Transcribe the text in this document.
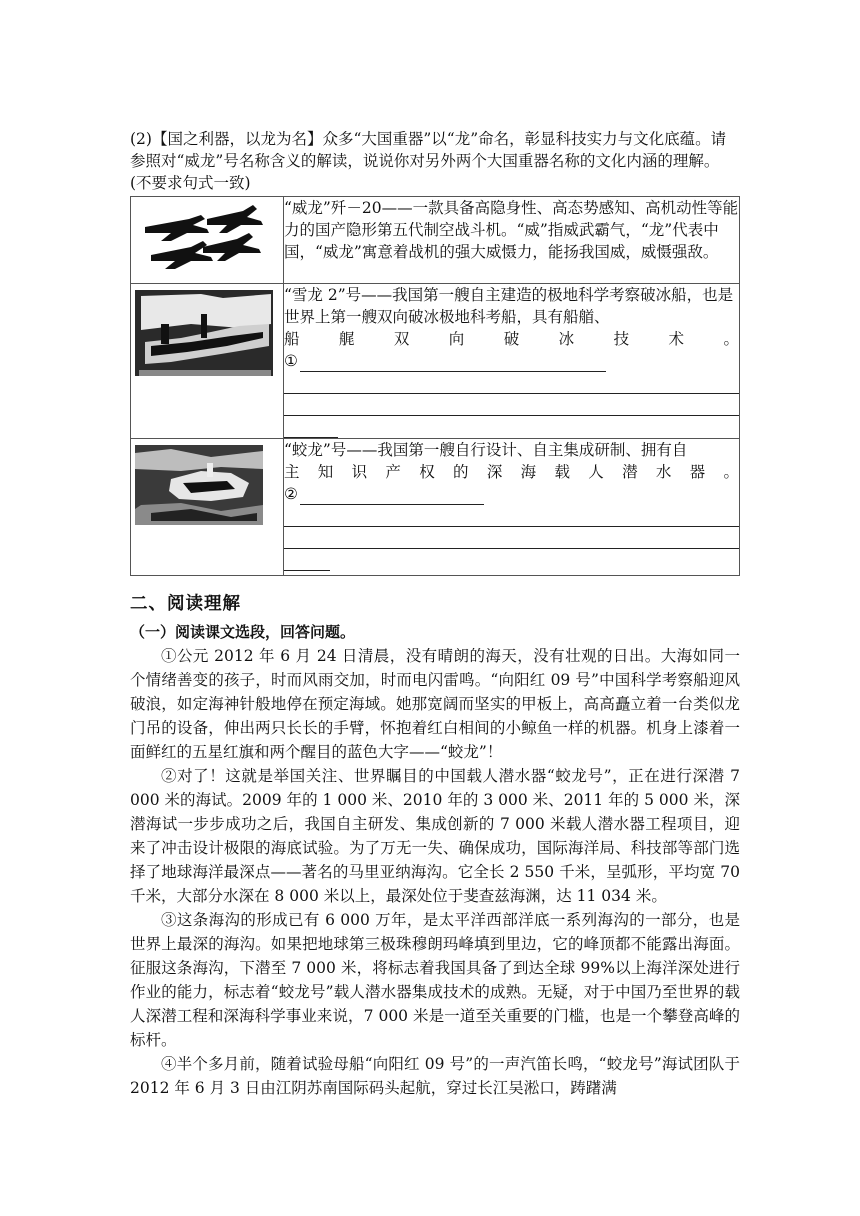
(2)【国之利器，以龙为名】众多“大国重器”以“龙”命名，彰显科技实力与文化底蕴。请参照对“威龙”号名称含义的解读，说说你对另外两个大国重器名称的文化内涵的理解。(不要求句式一致)

“威龙”歼－20——一款具备高隐身性、高态势感知、高机动性等能力的国产隐形第五代制空战斗机。“威”指威武霸气，“龙”代表中国，“威龙”寓意着战机的强大威慑力，能扬我国威，威慑强敌。

“雪龙 2”号——我国第一艘自主建造的极地科学考察破冰船，也是世界上第一艘双向破冰极地科考船，具有船艏、
船艉双向破冰技术。
①

“蛟龙”号——我国第一艘自行设计、自主集成研制、拥有自
主知识产权的深海载人潜水器。
②
二、阅读理解
（一）阅读课文选段，回答问题。

①公元 2012 年 6 月 24 日清晨，没有晴朗的海天，没有壮观的日出。大海如同一个情绪善变的孩子，时而风雨交加，时而电闪雷鸣。“向阳红 09 号”中国科学考察船迎风破浪，如定海神针般地停在预定海域。她那宽阔而坚实的甲板上，高高矗立着一台类似龙门吊的设备，伸出两只长长的手臂，怀抱着红白相间的小鲸鱼一样的机器。机身上漆着一面鲜红的五星红旗和两个醒目的蓝色大字——“蛟龙”！

②对了！这就是举国关注、世界瞩目的中国载人潜水器“蛟龙号”，正在进行深潜 7 000 米的海试。2009 年的 1 000 米、2010 年的 3 000 米、2011 年的 5 000 米，深潜海试一步步成功之后，我国自主研发、集成创新的 7 000 米载人潜水器工程项目，迎来了冲击设计极限的海底试验。为了万无一失、确保成功，国际海洋局、科技部等部门选择了地球海洋最深点——著名的马里亚纳海沟。它全长 2 550 千米，呈弧形，平均宽 70 千米，大部分水深在 8 000 米以上，最深处位于斐查兹海渊，达 11 034 米。

③这条海沟的形成已有 6 000 万年，是太平洋西部洋底一系列海沟的一部分，也是世界上最深的海沟。如果把地球第三极珠穆朗玛峰填到里边，它的峰顶都不能露出海面。征服这条海沟，下潜至 7 000 米，将标志着我国具备了到达全球 99%以上海洋深处进行作业的能力，标志着“蛟龙号”载人潜水器集成技术的成熟。无疑，对于中国乃至世界的载人深潜工程和深海科学事业来说，7 000 米是一道至关重要的门槛，也是一个攀登高峰的标杆。

④半个多月前，随着试验母船“向阳红 09 号”的一声汽笛长鸣，“蛟龙号”海试团队于 2012 年 6 月 3 日由江阴苏南国际码头起航，穿过长江吴淞口，踌躇满
